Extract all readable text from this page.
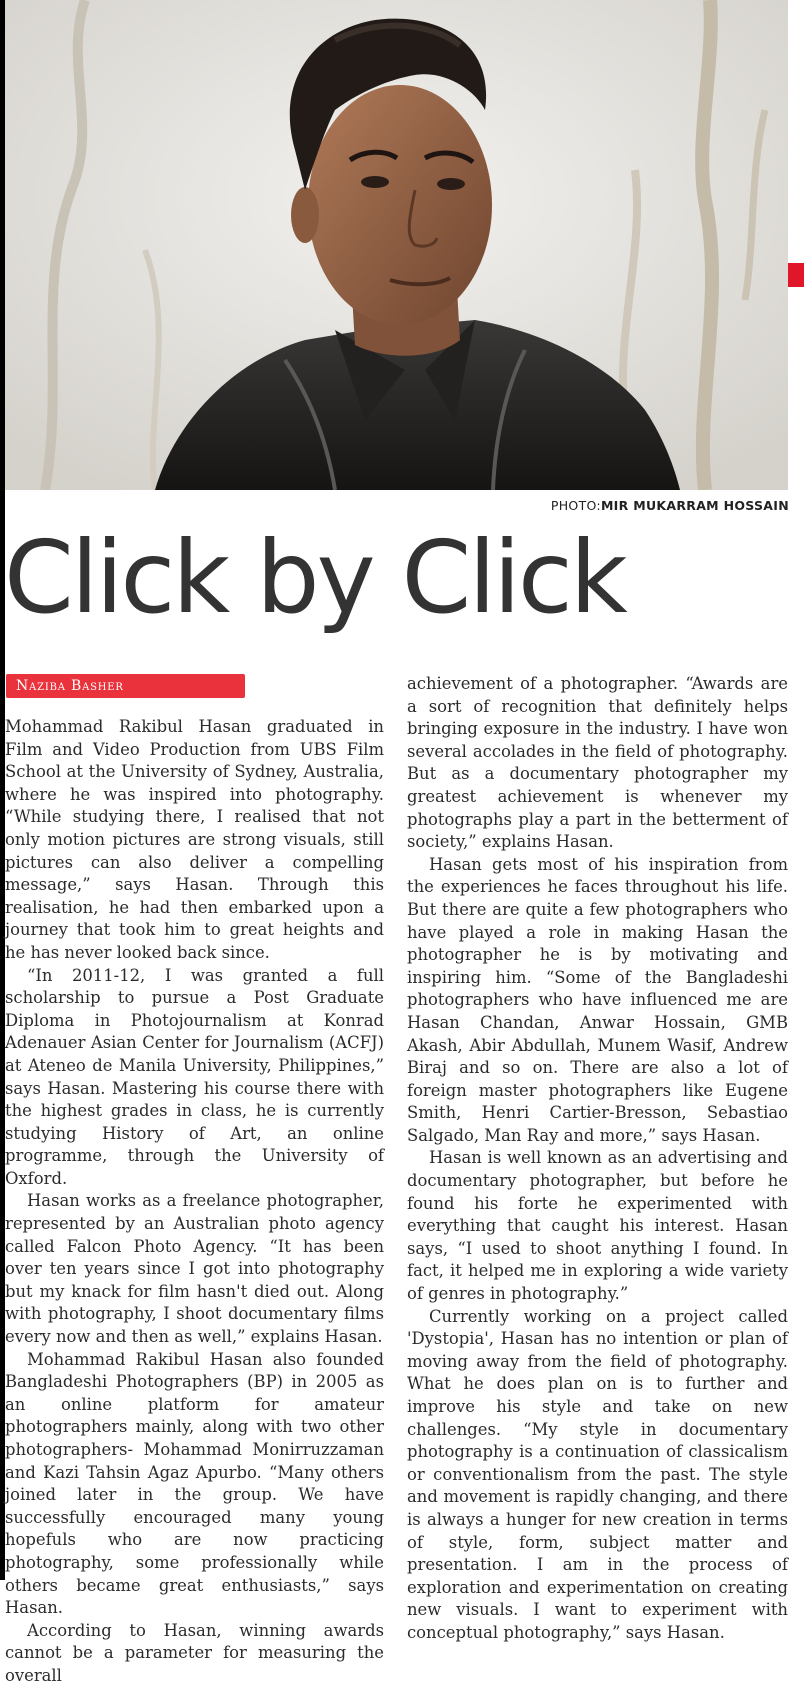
PHOTO:MIR MUKARRAM HOSSAIN
Click by Click
Naziba Basher

Mohammad Rakibul Hasan graduated in Film and Video Production from UBS Film School at the University of Sydney, Australia, where he was inspired into photography. “While studying there, I realised that not only motion pictures are strong visuals, still pictures can also deliver a compelling message,” says Hasan. Through this realisation, he had then embarked upon a journey that took him to great heights and he has never looked back since.

“In 2011-12, I was granted a full scholarship to pursue a Post Graduate Diploma in Photojournalism at Konrad Adenauer Asian Center for Journalism (ACFJ) at Ateneo de Manila University, Philippines,” says Hasan. Mastering his course there with the highest grades in class, he is currently studying History of Art, an online programme, through the University of Oxford.

Hasan works as a freelance photographer, represented by an Australian photo agency called Falcon Photo Agency. “It has been over ten years since I got into photography but my knack for film hasn't died out. Along with photography, I shoot documentary films every now and then as well,” explains Hasan.

Mohammad Rakibul Hasan also founded Bangladeshi Photographers (BP) in 2005 as an online platform for amateur photographers mainly, along with two other photographers- Mohammad Monirruzzaman and Kazi Tahsin Agaz Apurbo. “Many others joined later in the group. We have successfully encouraged many young hopefuls who are now practicing photography, some professionally while others became great enthusiasts,” says Hasan.

According to Hasan, winning awards cannot be a parameter for measuring the overall

achievement of a photographer. “Awards are a sort of recognition that definitely helps bringing exposure in the industry. I have won several accolades in the field of photography. But as a documentary photographer my greatest achievement is whenever my photographs play a part in the betterment of society,” explains Hasan.

Hasan gets most of his inspiration from the experiences he faces throughout his life. But there are quite a few photographers who have played a role in making Hasan the photographer he is by motivating and inspiring him. “Some of the Bangladeshi photographers who have influenced me are Hasan Chandan, Anwar Hossain, GMB Akash, Abir Abdullah, Munem Wasif, Andrew Biraj and so on. There are also a lot of foreign master photographers like Eugene Smith, Henri Cartier-Bresson, Sebastiao Salgado, Man Ray and more,” says Hasan.

Hasan is well known as an advertising and documentary photographer, but before he found his forte he experimented with everything that caught his interest. Hasan says, “I used to shoot anything I found. In fact, it helped me in exploring a wide variety of genres in photography.”

Currently working on a project called 'Dystopia', Hasan has no intention or plan of moving away from the field of photography. What he does plan on is to further and improve his style and take on new challenges. “My style in documentary photography is a continuation of classicalism or conventionalism from the past. The style and movement is rapidly changing, and there is always a hunger for new creation in terms of style, form, subject matter and presentation. I am in the process of exploration and experimentation on creating new visuals. I want to experiment with conceptual photography,” says Hasan.
